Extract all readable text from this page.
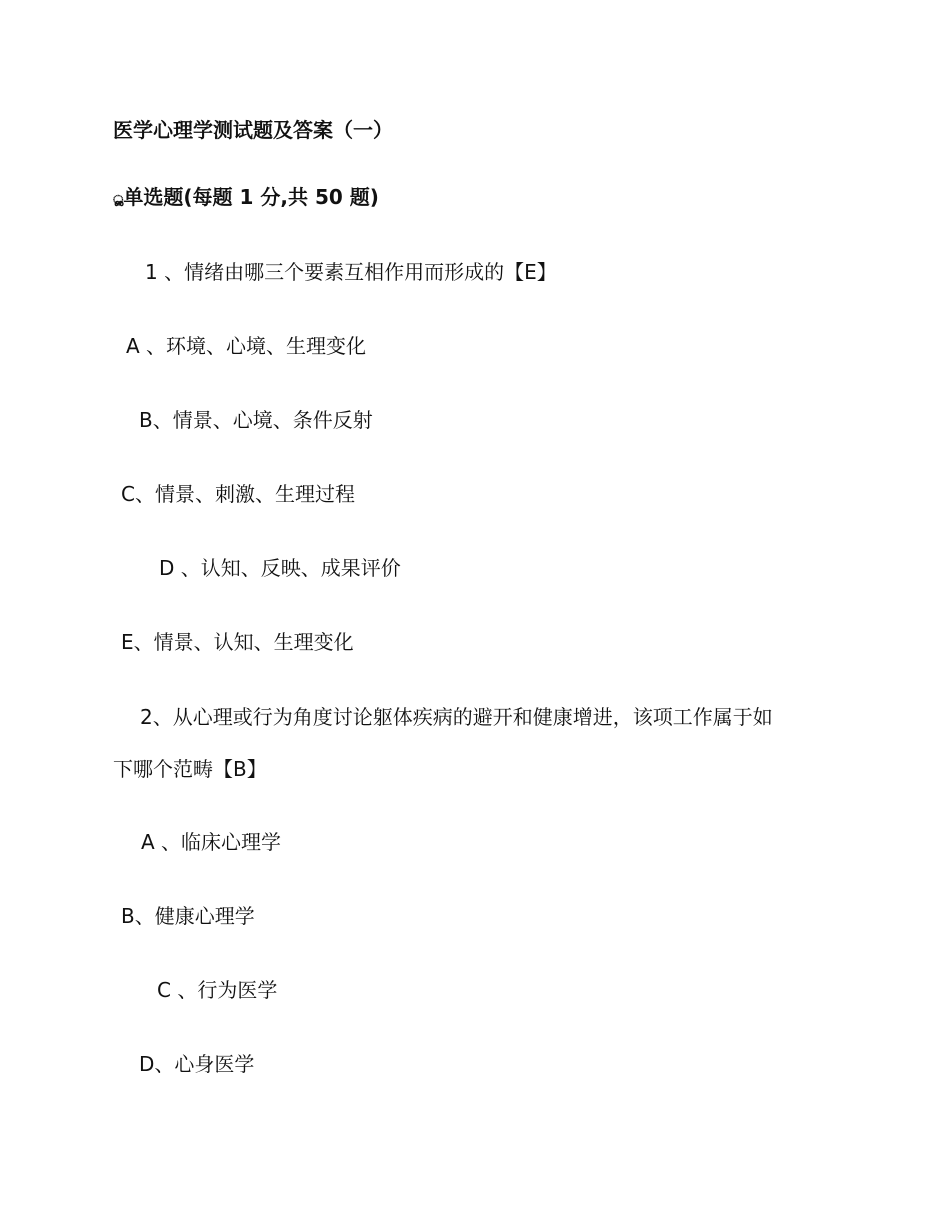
医学心理学测试题及答案（一）
ൢ单选题(每题 1 分,共 50 题)
1 、情绪由哪三个要素互相作用而形成的【E】
A 、环境、心境、生理变化
B、情景、心境、条件反射
C、情景、刺激、生理过程
D 、认知、反映、成果评价
E、情景、认知、生理变化
2、从心理或行为角度讨论躯体疾病的避开和健康增进，该项工作属于如
下哪个范畴【B】
A 、临床心理学
B、健康心理学
C 、行为医学
D、心身医学
